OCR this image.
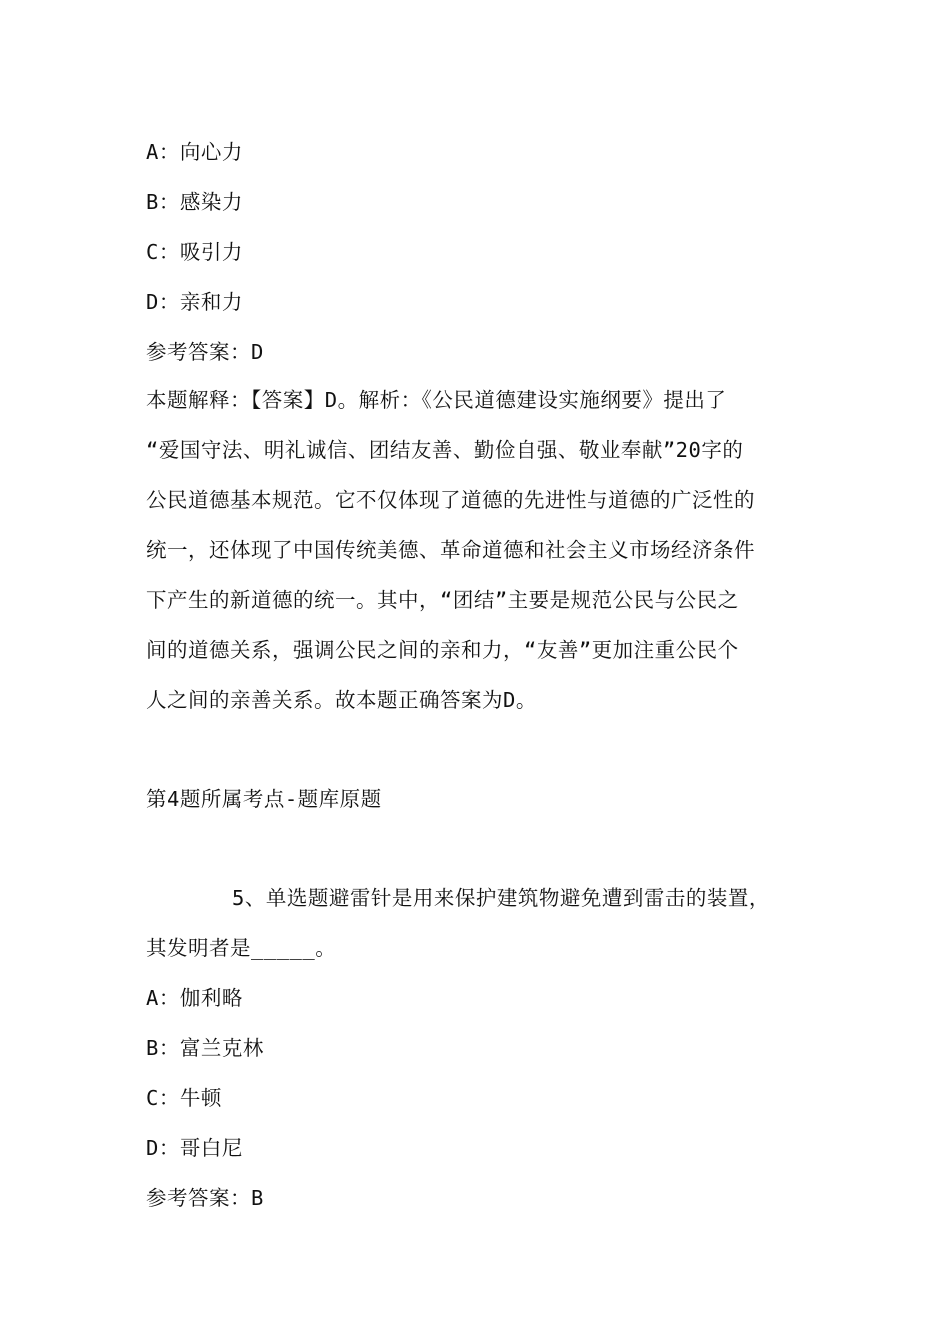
A：向心力
B：感染力
C：吸引力
D：亲和力
参考答案：D
本题解释：【答案】D。解析：《公民道德建设实施纲要》提出了
“爱国守法、明礼诚信、团结友善、勤俭自强、敬业奉献”20字的
公民道德基本规范。它不仅体现了道德的先进性与道德的广泛性的
统一，还体现了中国传统美德、革命道德和社会主义市场经济条件
下产生的新道德的统一。其中，“团结”主要是规范公民与公民之
间的道德关系，强调公民之间的亲和力，“友善”更加注重公民个
人之间的亲善关系。故本题正确答案为D。
第4题所属考点-题库原题
5、单选题避雷针是用来保护建筑物避免遭到雷击的装置，
其发明者是_____。
A：伽利略
B：富兰克林
C：牛顿
D：哥白尼
参考答案：B
